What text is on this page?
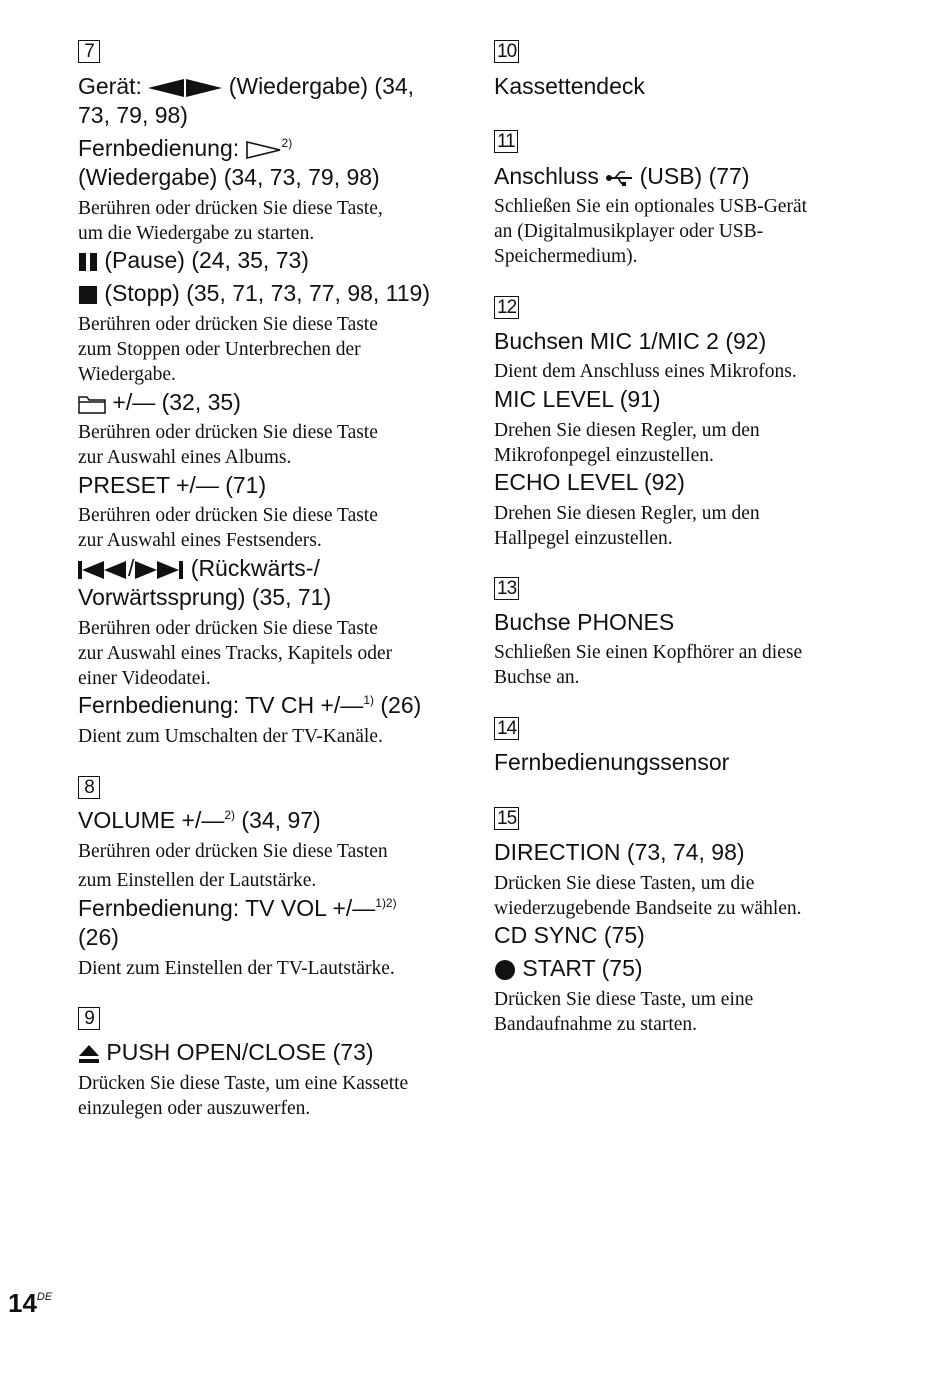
7
Gerät:	(Wiedergabe) (34,
73, 79, 98)
Fernbedienung:	$^{2)}$
(Wiedergabe) (34, 73, 79, 98)
Berühren oder drücken Sie diese Taste,
um die Wiedergabe zu starten.
(Pause) (24, 35, 73)
(Stopp) (35, 71, 73, 77, 98, 119)
Berühren oder drücken Sie diese Taste
zum Stoppen oder Unterbrechen der
Wiedergabe.
+/— (32, 35)
Berühren oder drücken Sie diese Taste
zur Auswahl eines Albums.
PRESET +/— (71)
Berühren oder drücken Sie diese Taste
zur Auswahl eines Festsenders.
/ (Rückwärts-/
Vorwärtssprung) (35, 71)
Berühren oder drücken Sie diese Taste
zur Auswahl eines Tracks, Kapitels oder
einer Videodatei.
Fernbedienung: TV CH +/—$^{1)}$ (26)
Dient zum Umschalten der TV-Kanäle.
8
VOLUME +/—$^{2)}$ (34, 97)
Berühren oder drücken Sie diese Tasten
zum Einstellen der Lautstärke.
Fernbedienung: TV VOL +/—$^{1)2)}$
(26)
Dient zum Einstellen der TV-Lautstärke.
9
PUSH OPEN/CLOSE (73)
Drücken Sie diese Taste, um eine Kassette
einzulegen oder auszuwerfen.
10
Kassettendeck
11
Anschluss (USB) (77)
Schließen Sie ein optionales USB-Gerät
an (Digitalmusikplayer oder USB-
Speichermedium).
12
Buchsen MIC 1/MIC 2 (92)
Dient dem Anschluss eines Mikrofons.
MIC LEVEL (91)
Drehen Sie diesen Regler, um den
Mikrofonpegel einzustellen.
ECHO LEVEL (92)
Drehen Sie diesen Regler, um den
Hallpegel einzustellen.
13
Buchse PHONES
Schließen Sie einen Kopfhörer an diese
Buchse an.
14
Fernbedienungssensor
15
DIRECTION (73, 74, 98)
Drücken Sie diese Tasten, um die
wiederzugebende Bandseite zu wählen.
CD SYNC (75)
START (75)
Drücken Sie diese Taste, um eine
Bandaufnahme zu starten.
14DE
